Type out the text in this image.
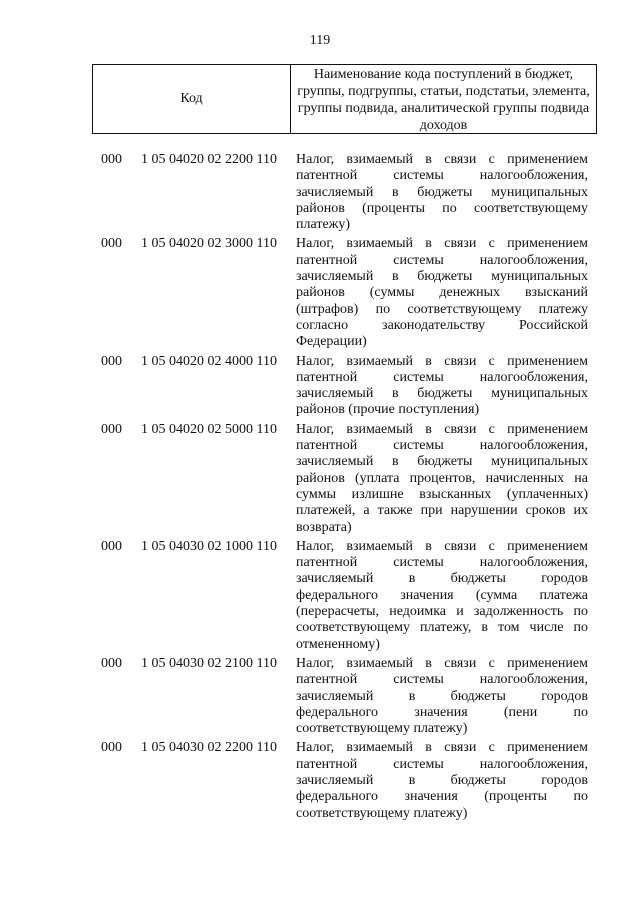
119
Код
Наименование кода поступлений в бюджет, группы, подгруппы, статьи, подстатьи, элемента, группы подвида, аналитической группы подвида доходов
000 1 05 04020 02 2200 110 Налог, взимаемый в связи с применением
патентной системы налогообложения,
зачисляемый в бюджеты муниципальных
районов (проценты по соответствующему
платежу)
000 1 05 04020 02 3000 110 Налог, взимаемый в связи с применением
патентной системы налогообложения,
зачисляемый в бюджеты муниципальных
районов (суммы денежных взысканий
(штрафов) по соответствующему платежу
согласно законодательству Российской
Федерации)
000 1 05 04020 02 4000 110 Налог, взимаемый в связи с применением
патентной системы налогообложения,
зачисляемый в бюджеты муниципальных
районов (прочие поступления)
000 1 05 04020 02 5000 110 Налог, взимаемый в связи с применением
патентной системы налогообложения,
зачисляемый в бюджеты муниципальных
районов (уплата процентов, начисленных на
суммы излишне взысканных (уплаченных)
платежей, а также при нарушении сроков их
возврата)
000 1 05 04030 02 1000 110 Налог, взимаемый в связи с применением
патентной системы налогообложения,
зачисляемый в бюджеты городов
федерального значения (сумма платежа
(перерасчеты, недоимка и задолженность по
соответствующему платежу, в том числе по
отмененному)
000 1 05 04030 02 2100 110 Налог, взимаемый в связи с применением
патентной системы налогообложения,
зачисляемый в бюджеты городов
федерального значения (пени по
соответствующему платежу)
000 1 05 04030 02 2200 110 Налог, взимаемый в связи с применением
патентной системы налогообложения,
зачисляемый в бюджеты городов
федерального значения (проценты по
соответствующему платежу)
